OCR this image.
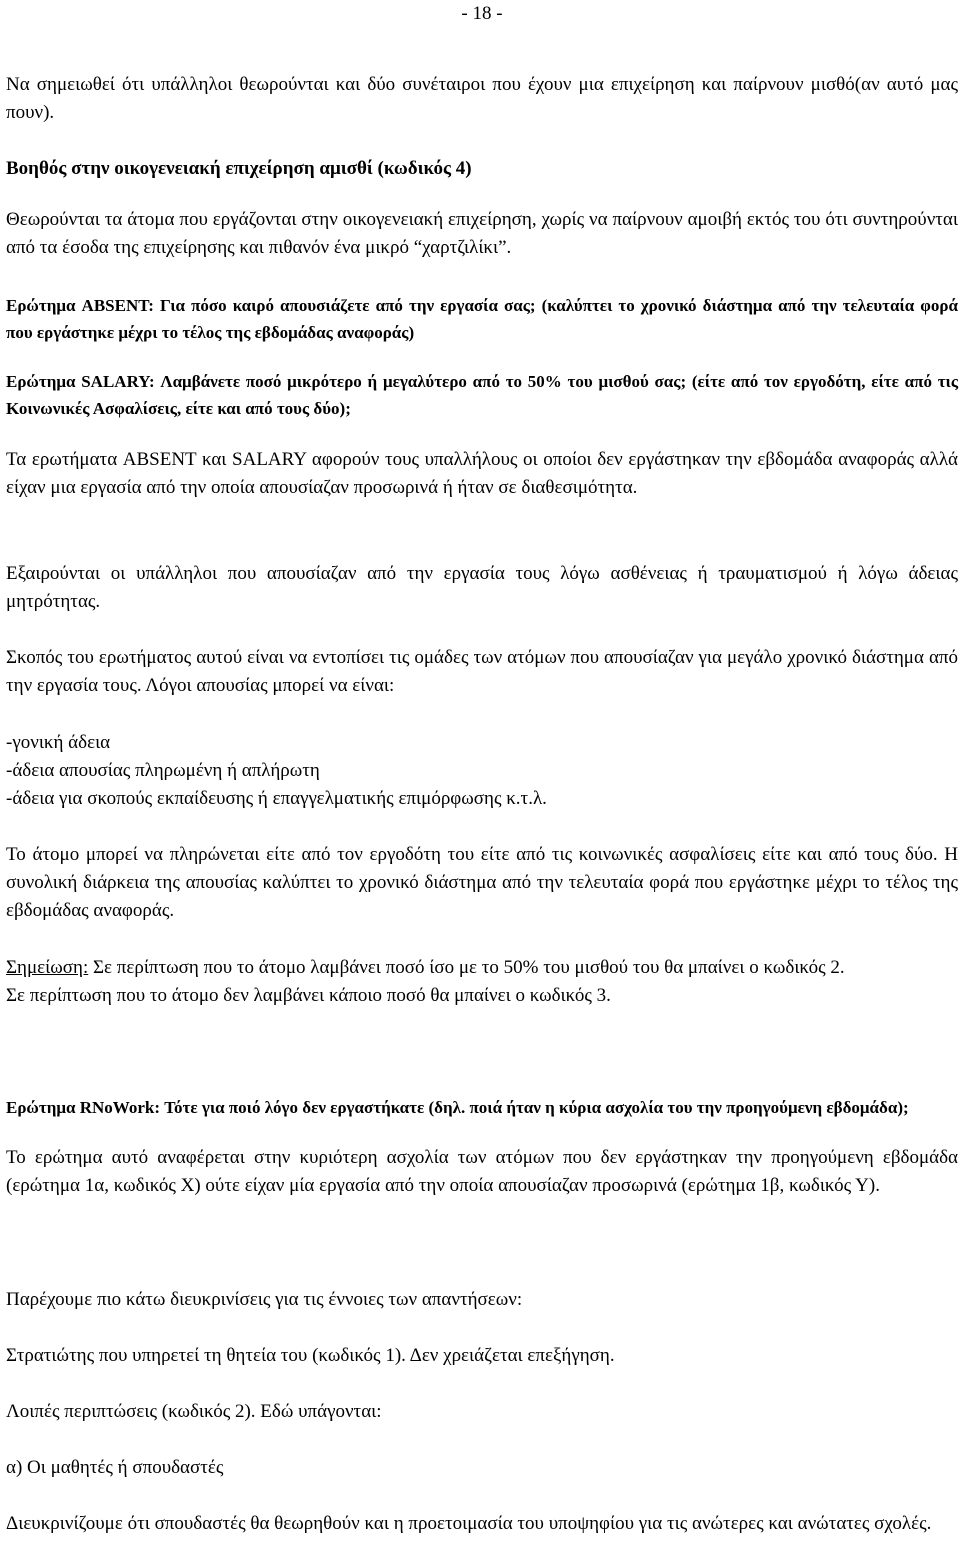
- 18 -

Να σημειωθεί ότι υπάλληλοι θεωρούνται και δύο συνέταιροι που έχουν μια επιχείρηση και παίρνουν μισθό(αν αυτό μας πουν).

Βοηθός στην οικογενειακή επιχείρηση αμισθί (κωδικός 4)

Θεωρούνται τα άτομα που εργάζονται στην οικογενειακή επιχείρηση, χωρίς να παίρνουν αμοιβή εκτός του ότι συντηρούνται από τα έσοδα της επιχείρησης και πιθανόν ένα μικρό “χαρτζιλίκι”.

Ερώτημα ABSENT: Για πόσο καιρό απουσιάζετε από την εργασία σας; (καλύπτει το χρονικό διάστημα από την τελευταία φορά που εργάστηκε μέχρι το τέλος της εβδομάδας αναφοράς)

Ερώτημα SALARY: Λαμβάνετε ποσό μικρότερο ή μεγαλύτερο από το 50% του μισθού σας; (είτε από τον εργοδότη, είτε από τις Κοινωνικές Ασφαλίσεις, είτε και από τους δύο);

Τα ερωτήματα ABSENT και SALARY αφορούν τους υπαλλήλους οι οποίοι δεν εργάστηκαν την εβδομάδα αναφοράς αλλά είχαν μια εργασία από την οποία απουσίαζαν προσωρινά ή ήταν σε διαθεσιμότητα.

Εξαιρούνται οι υπάλληλοι που απουσίαζαν από την εργασία τους λόγω ασθένειας ή τραυματισμού ή λόγω άδειας μητρότητας.

Σκοπός του ερωτήματος αυτού είναι να εντοπίσει τις ομάδες των ατόμων που απουσίαζαν για μεγάλο χρονικό διάστημα από την εργασία τους. Λόγοι απουσίας μπορεί να είναι:

-γονική άδεια

-άδεια απουσίας πληρωμένη ή απλήρωτη

-άδεια για σκοπούς εκπαίδευσης ή επαγγελματικής επιμόρφωσης κ.τ.λ.

Το άτομο μπορεί να πληρώνεται είτε από τον εργοδότη του είτε από τις κοινωνικές ασφαλίσεις είτε και από τους δύο. Η συνολική διάρκεια της απουσίας καλύπτει το χρονικό διάστημα από την τελευταία φορά που εργάστηκε μέχρι το τέλος της εβδομάδας αναφοράς.

Σημείωση: Σε περίπτωση που το άτομο λαμβάνει ποσό ίσο με το 50% του μισθού του θα μπαίνει ο κωδικός 2.

Σε περίπτωση που το άτομο δεν λαμβάνει κάποιο ποσό θα μπαίνει ο κωδικός 3.

Ερώτημα RNoWork: Τότε για ποιό λόγο δεν εργαστήκατε (δηλ. ποιά ήταν η κύρια ασχολία του την προηγούμενη εβδομάδα);

Το ερώτημα αυτό αναφέρεται στην κυριότερη ασχολία των ατόμων που δεν εργάστηκαν την προηγούμενη εβδομάδα (ερώτημα 1α, κωδικός Χ) ούτε είχαν μία εργασία από την οποία απουσίαζαν προσωρινά (ερώτημα 1β, κωδικός Υ).

Παρέχουμε πιο κάτω διευκρινίσεις για τις έννοιες των απαντήσεων:

Στρατιώτης που υπηρετεί τη θητεία του (κωδικός 1). Δεν χρειάζεται επεξήγηση.

Λοιπές περιπτώσεις (κωδικός 2). Εδώ υπάγονται:

α) Οι μαθητές ή σπουδαστές

Διευκρινίζουμε ότι σπουδαστές θα θεωρηθούν και η προετοιμασία του υποψηφίου για τις ανώτερες και ανώτατες σχολές.
